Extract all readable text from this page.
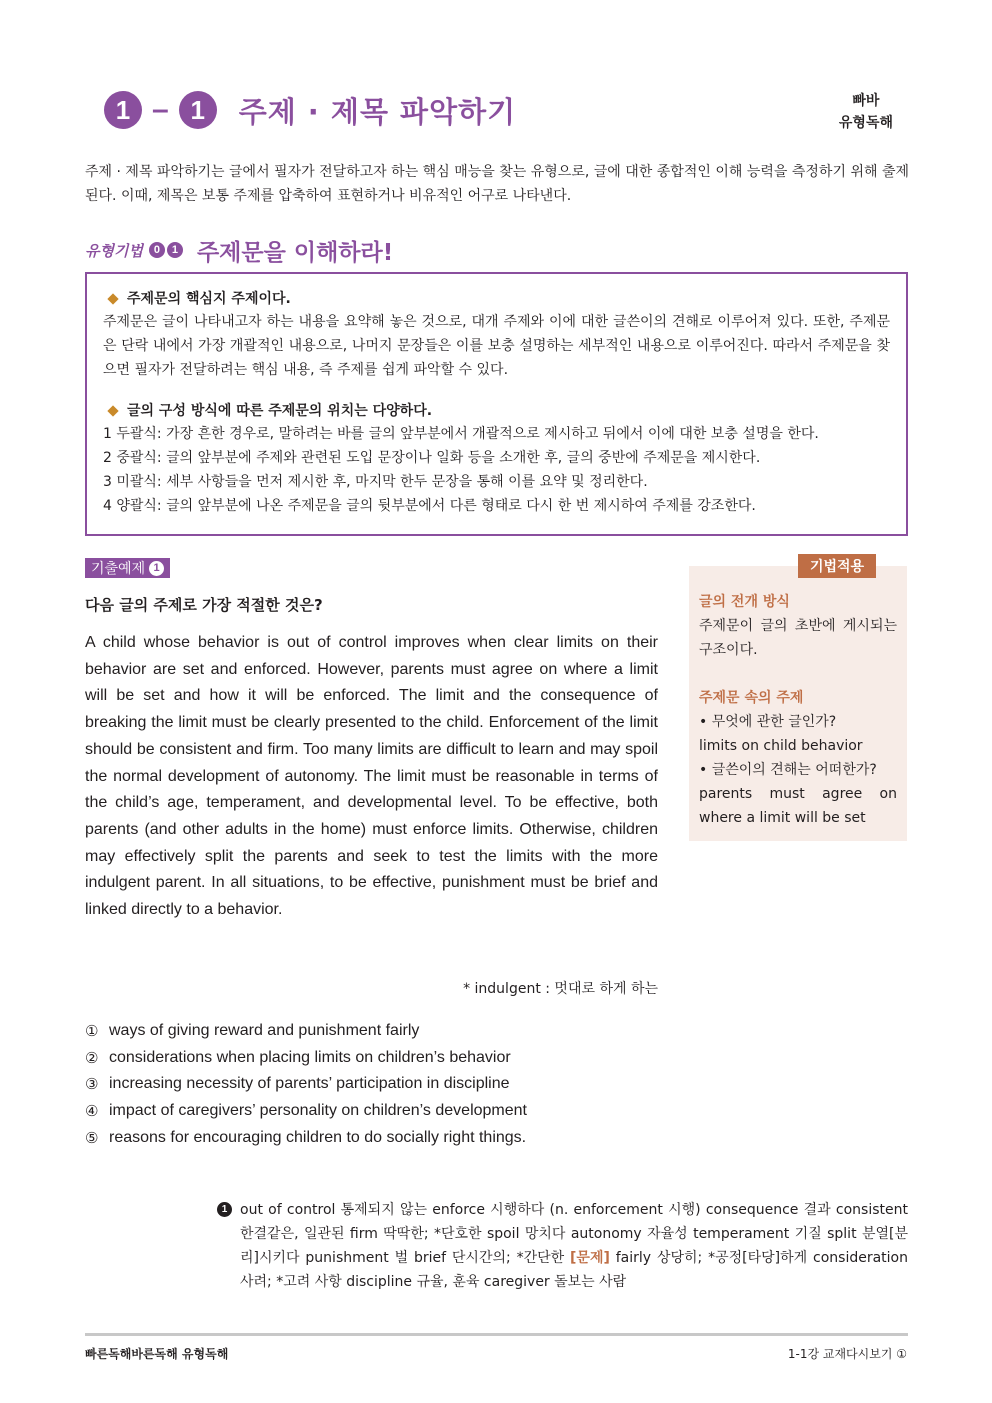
1 – 1	주제 · 제목 파악하기	빠바
유형독해
주제 · 제목 파악하기는 글에서 필자가 전달하고자 하는 핵심 매능을 찾는 유형으로, 글에 대한 종합적인 이해 능력을 측정하기 위해 출제된다. 이때, 제목은 보통 주제를 압축하여 표현하거나 비유적인 어구로 나타낸다.
유형기법 0	1 주제문을 이해하라!
주제문의 핵심지 주제이다.

주제문은 글이 나타내고자 하는 내용을 요약해 놓은 것으로, 대개 주제와 이에 대한 글쓴이의 견해로 이루어져 있다. 또한, 주제문은 단락 내에서 가장 개괄적인 내용으로, 나머지 문장들은 이를 보충 설명하는 세부적인 내용으로 이루어진다. 따라서 주제문을 찾으면 필자가 전달하려는 핵심 내용, 즉 주제를 쉽게 파악할 수 있다.

글의 구성 방식에 따른 주제문의 위치는 다양하다.
1 두괄식: 가장 흔한 경우로, 말하려는 바를 글의 앞부분에서 개괄적으로 제시하고 뒤에서 이에 대한 보충 설명을 한다.
2 중괄식: 글의 앞부분에 주제와 관련된 도입 문장이나 일화 등을 소개한 후, 글의 중반에 주제문을 제시한다.
3 미괄식: 세부 사항들을 먼저 제시한 후, 마지막 한두 문장을 통해 이를 요약 및 정리한다.
4 양괄식: 글의 앞부분에 나온 주제문을 글의 뒷부분에서 다른 형태로 다시 한 번 제시하여 주제를 강조한다.
기출예제 1
다음 글의 주제로 가장 적절한 것은?
A child whose behavior is out of control improves when clear limits on their behavior are set and enforced. However, parents must agree on where a limit will be set and how it will be enforced. The limit and the consequence of breaking the limit must be clearly presented to the child. Enforcement of the limit should be consistent and firm. Too many limits are difficult to learn and may spoil the normal development of autonomy. The limit must be reasonable in terms of the child’s age, temperament, and developmental level. To be effective, both parents (and other adults in the home) must enforce limits. Otherwise, children may effectively split the parents and seek to test the limits with the more indulgent parent. In all situations, to be effective, punishment must be brief and linked directly to a behavior.
* indulgent : 멋대로 하게 하는
① ways of giving reward and punishment fairly
② considerations when placing limits on children’s behavior
③ increasing necessity of parents’ participation in discipline
④ impact of caregivers’ personality on children’s development
⑤ reasons for encouraging children to do socially right things.
글의 전개 방식

주제문이 글의 초반에 게시되는 구조이다.

주제문 속의 주제

• 무엇에 관한 글인가?

limits on child behavior

• 글쓴이의 견해는 어떠한가?

parents must agree on where a limit will be set

기법적용
1 out of control 통제되지 않는 enforce 시행하다 (n. enforcement 시행) consequence 결과 consistent 한결같은, 일관된 firm 딱딱한; *단호한 spoil 망치다 autonomy 자율성 temperament 기질 split 분열[분리]시키다 punishment 벌 brief 단시간의; *간단한 [문제] fairly 상당히; *공정[타당]하게 consideration 사려; *고려 사항 discipline 규율, 훈육 caregiver 돌보는 사람
빠른독해바른독해 유형독해	1-1강 교재다시보기 ①
